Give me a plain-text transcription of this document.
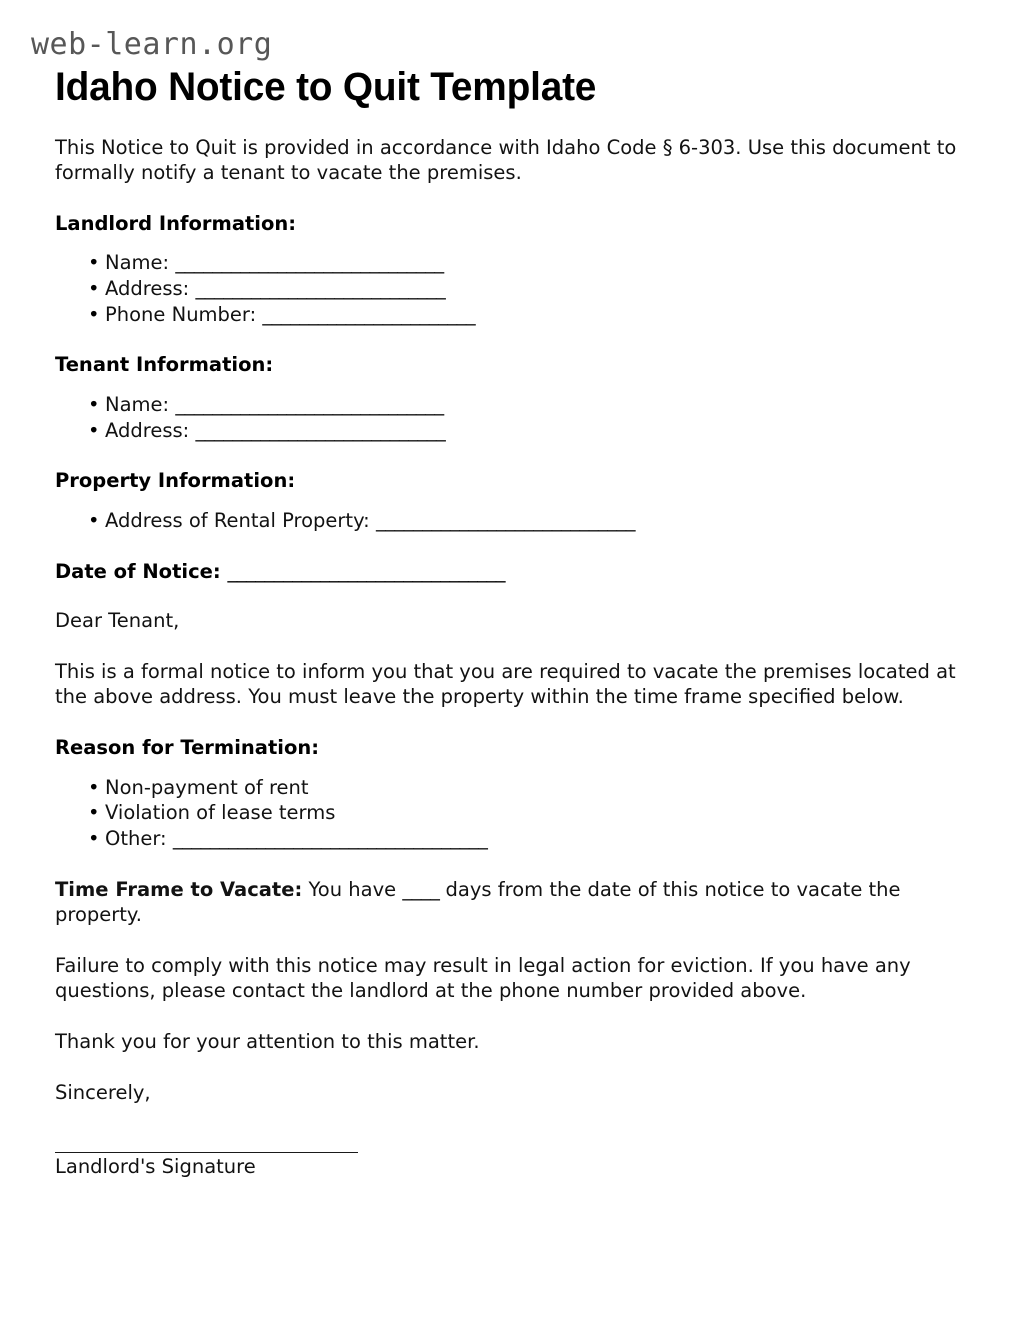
web-learn.org
Idaho Notice to Quit Template

This Notice to Quit is provided in accordance with Idaho Code § 6-303. Use this document to formally notify a tenant to vacate the premises.

Landlord Information:
• Name: _____________________________
• Address: ___________________________
• Phone Number: _______________________
Tenant Information:
• Name: _____________________________
• Address: ___________________________
Property Information:
• Address of Rental Property: ____________________________
Date of Notice: ______________________________

Dear Tenant,

This is a formal notice to inform you that you are required to vacate the premises located at the above address. You must leave the property within the time frame specified below.

Reason for Termination:
• Non-payment of rent
• Violation of lease terms
• Other: __________________________________

Time Frame to Vacate: You have ____ days from the date of this notice to vacate the property.

Failure to comply with this notice may result in legal action for eviction. If you have any questions, please contact the landlord at the phone number provided above.

Thank you for your attention to this matter.

Sincerely,

Landlord's Signature
